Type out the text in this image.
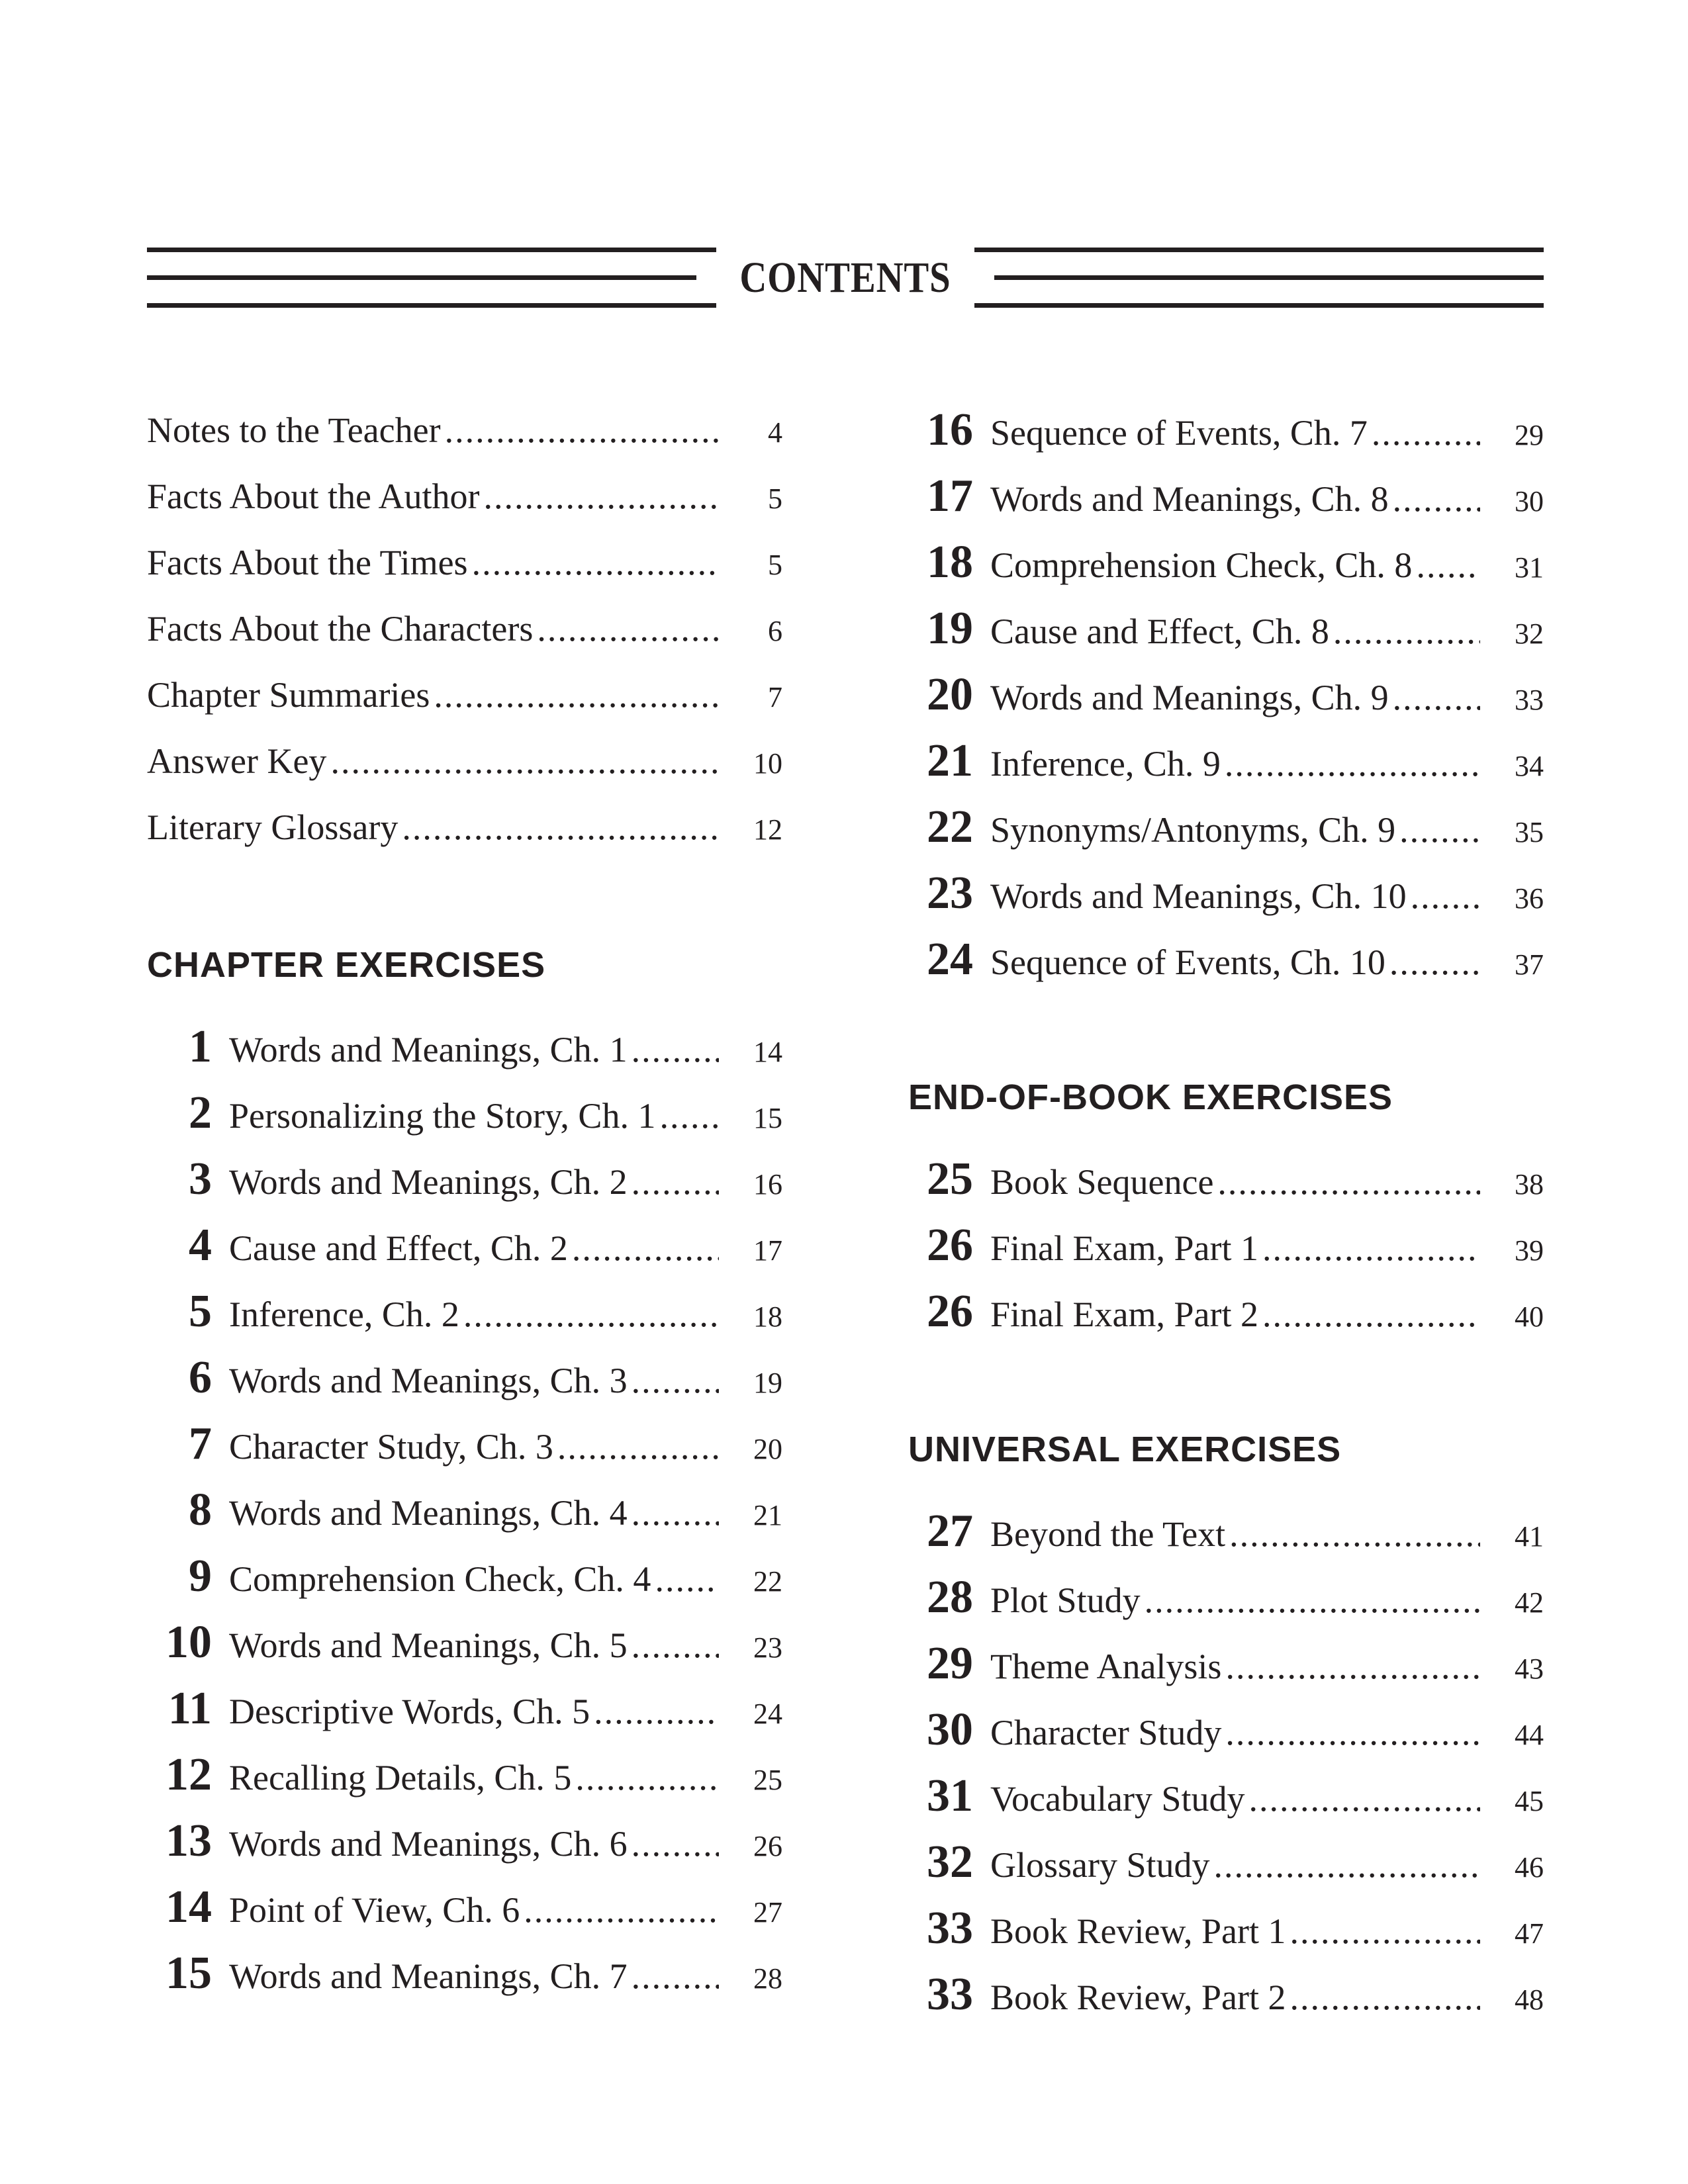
CONTENTS
Notes to the Teacher .....	4
Facts About the Author .....	5
Facts About the Times .....	5
Facts About the Characters .....	6
Chapter Summaries .....	7
Answer Key .....	10
Literary Glossary .....	12
CHAPTER EXERCISES
1 Words and Meanings, Ch. 1 .....	14
2 Personalizing the Story, Ch. 1 .....	15
3 Words and Meanings, Ch. 2 .....	16
4 Cause and Effect, Ch. 2 .....	17
5 Inference, Ch. 2 .....	18
6 Words and Meanings, Ch. 3 .....	19
7 Character Study, Ch. 3 .....	20
8 Words and Meanings, Ch. 4 .....	21
9 Comprehension Check, Ch. 4 .....	22
10 Words and Meanings, Ch. 5 .....	23
11 Descriptive Words, Ch. 5 .....	24
12 Recalling Details, Ch. 5 .....	25
13 Words and Meanings, Ch. 6 .....	26
14 Point of View, Ch. 6 .....	27
15 Words and Meanings, Ch. 7 .....	28
16 Sequence of Events, Ch. 7 .....	29
17 Words and Meanings, Ch. 8 .....	30
18 Comprehension Check, Ch. 8 .....	31
19 Cause and Effect, Ch. 8 .....	32
20 Words and Meanings, Ch. 9 .....	33
21 Inference, Ch. 9 .....	34
22 Synonyms/Antonyms, Ch. 9 .....	35
23 Words and Meanings, Ch. 10 .....	36
24 Sequence of Events, Ch. 10 .....	37
END-OF-BOOK EXERCISES
25 Book Sequence .....	38
26 Final Exam, Part 1 .....	39
26 Final Exam, Part 2 .....	40
UNIVERSAL EXERCISES
27 Beyond the Text .....	41
28 Plot Study .....	42
29 Theme Analysis .....	43
30 Character Study .....	44
31 Vocabulary Study .....	45
32 Glossary Study .....	46
33 Book Review, Part 1 .....	47
33 Book Review, Part 2 .....	48
